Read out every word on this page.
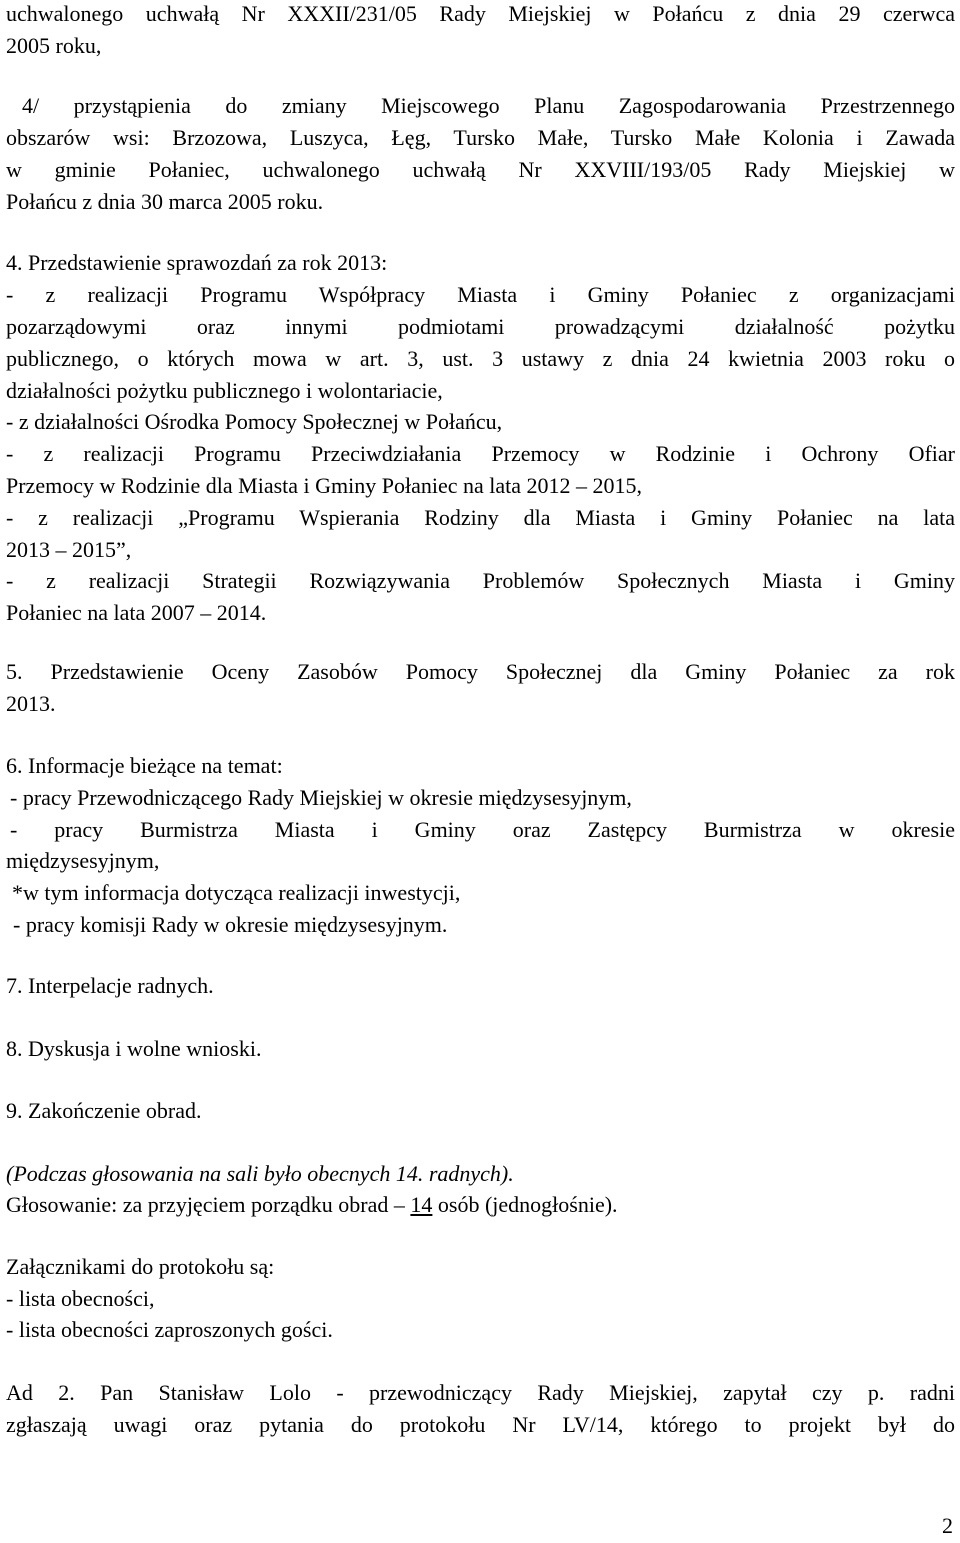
uchwalonego uchwałą Nr XXXII/231/05 Rady Miejskiej w Połańcu z dnia 29 czerwca
2005 roku,
4/ przystąpienia do zmiany Miejscowego Planu Zagospodarowania Przestrzennego
obszarów wsi: Brzozowa, Luszyca, Łęg, Tursko Małe, Tursko Małe Kolonia i Zawada
w gminie Połaniec, uchwalonego uchwałą Nr XXVIII/193/05 Rady Miejskiej w
Połańcu z dnia 30 marca 2005 roku.
4. Przedstawienie sprawozdań za rok 2013:
- z realizacji Programu Współpracy Miasta i Gminy Połaniec z organizacjami
pozarządowymi oraz innymi podmiotami prowadzącymi działalność pożytku
publicznego, o których mowa w art. 3, ust. 3 ustawy z dnia 24 kwietnia 2003 roku o
działalności pożytku publicznego i wolontariacie,
- z działalności Ośrodka Pomocy Społecznej w Połańcu,
- z realizacji Programu Przeciwdziałania Przemocy w Rodzinie i Ochrony Ofiar
Przemocy w Rodzinie dla Miasta i Gminy Połaniec na lata 2012 – 2015,
- z realizacji „Programu Wspierania Rodziny dla Miasta i Gminy Połaniec na lata
2013 – 2015”,
- z realizacji Strategii Rozwiązywania Problemów Społecznych Miasta i Gminy
Połaniec na lata 2007 – 2014.
5. Przedstawienie Oceny Zasobów Pomocy Społecznej dla Gminy Połaniec za rok
2013.
6. Informacje bieżące na temat:
- pracy Przewodniczącego Rady Miejskiej w okresie międzysesyjnym,
- pracy Burmistrza Miasta i Gminy oraz Zastępcy Burmistrza w okresie
międzysesyjnym,
*w tym informacja dotycząca realizacji inwestycji,
- pracy komisji Rady w okresie międzysesyjnym.
7. Interpelacje radnych.
8. Dyskusja i wolne wnioski.
9. Zakończenie obrad.
(Podczas głosowania na sali było obecnych 14. radnych).
Głosowanie: za przyjęciem porządku obrad – 14 osób (jednogłośnie).
Załącznikami do protokołu są:
- lista obecności,
- lista obecności zaproszonych gości.
Ad 2. Pan Stanisław Lolo - przewodniczący Rady Miejskiej, zapytał czy p. radni
zgłaszają uwagi oraz pytania do protokołu Nr LV/14, którego to projekt był do
2
